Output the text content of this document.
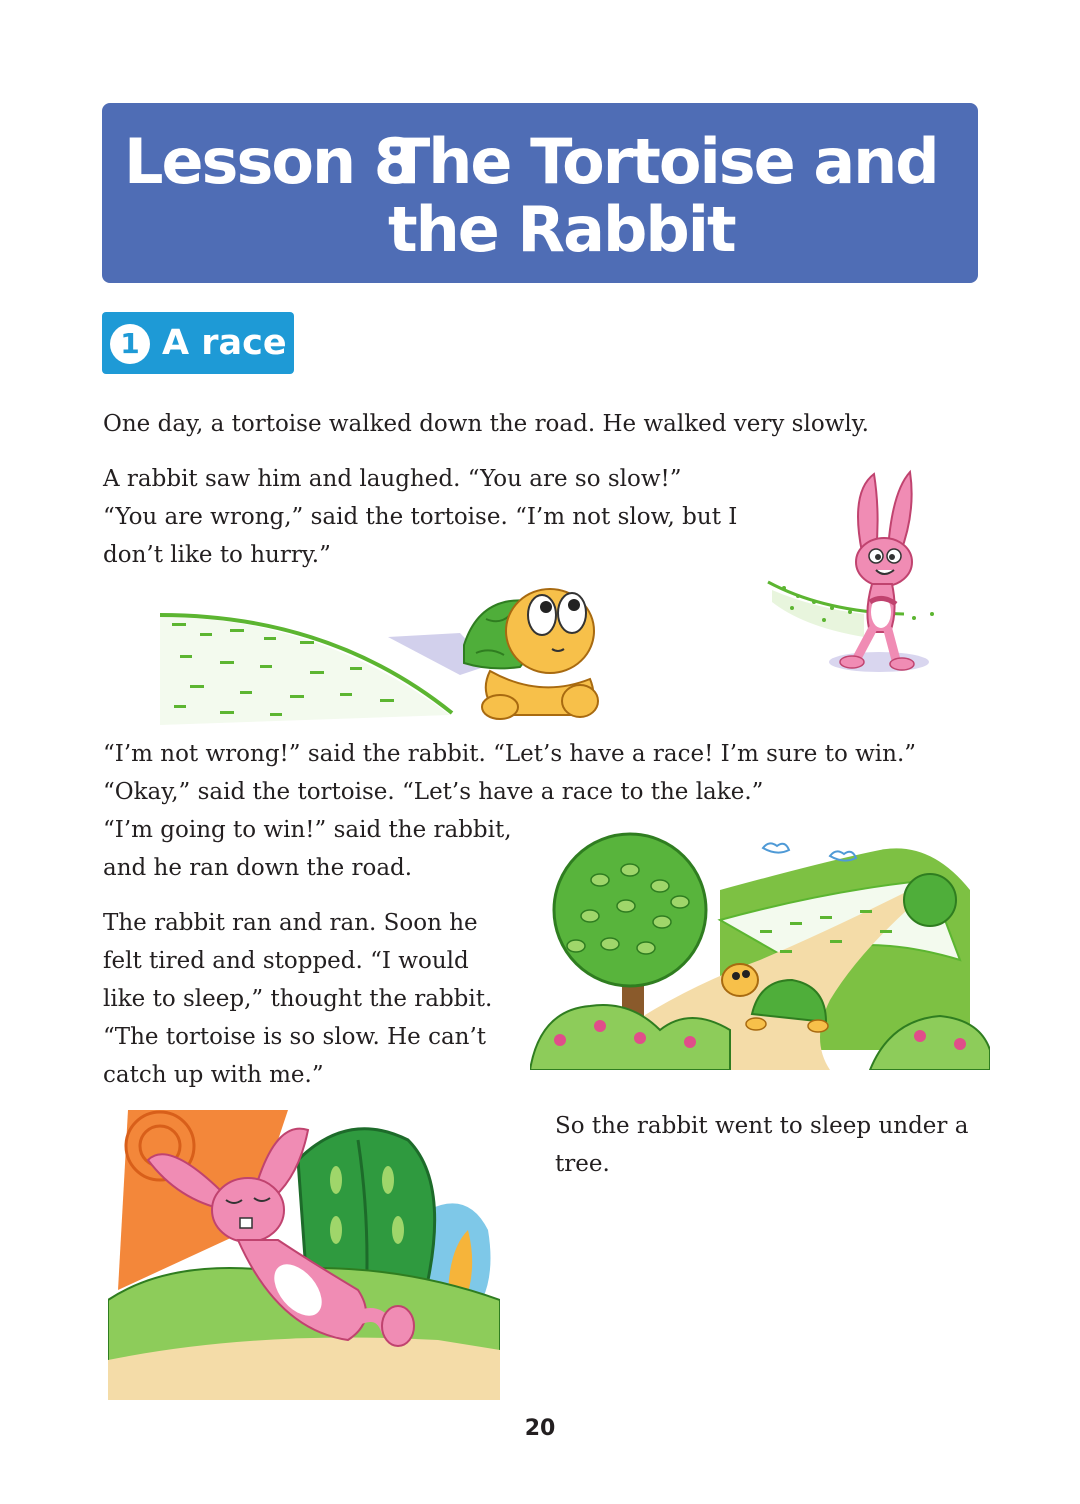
Lesson 8
The Tortoise and
the Rabbit
1 A race
One day, a tortoise walked down the road. He walked very slowly.
A rabbit saw him and laughed. “You are so slow!”
“You are wrong,” said the tortoise. “I’m not slow, but I
don’t like to hurry.”
“I’m not wrong!” said the rabbit. “Let’s have a race! I’m sure to win.”
“Okay,” said the tortoise. “Let’s have a race to the lake.”
“I’m going to win!” said the rabbit,
and he ran down the road.
The rabbit ran and ran. Soon he
felt tired and stopped. “I would
like to sleep,” thought the rabbit.
“The tortoise is so slow. He can’t
catch up with me.”
So the rabbit went to sleep under a
tree.
20
